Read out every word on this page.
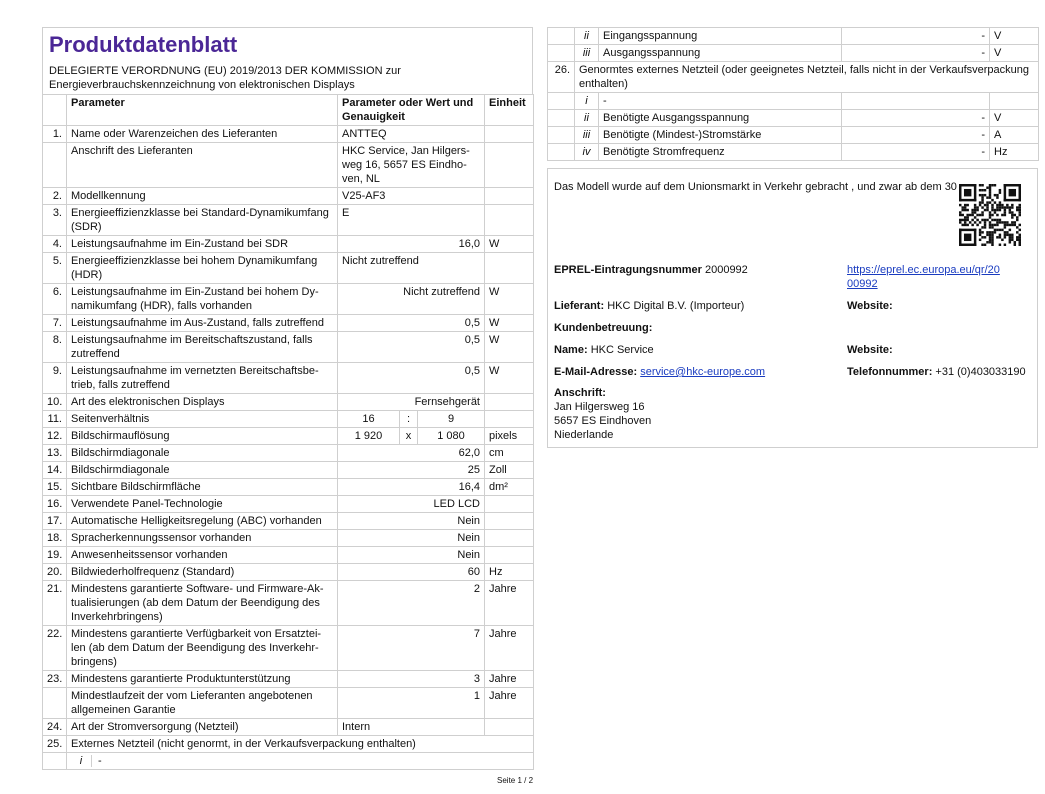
Produktdatenblatt
DELEGIERTE VERORDNUNG (EU) 2019/2013 DER KOMMISSION zur Energieverbrauchskennzeichnung von elektronischen Displays
	Parameter	Parameter oder Wert und Genauigkeit			Einheit
1.	Name oder Warenzeichen des Lieferanten	ANTTEQ			
	Anschrift des Lieferanten	HKC Service, Jan Hilgers-weg 16, 5657 ES Eindho-ven, NL			
2.	Modellkennung	V25-AF3			
3.	Energieeffizienzklasse bei Standard-Dynamikumfang (SDR)	E			
4.	Leistungsaufnahme im Ein-Zustand bei SDR	16,0			W
5.	Energieeffizienzklasse bei hohem Dynamikumfang (HDR)	Nicht zutreffend			
6.	Leistungsaufnahme im Ein-Zustand bei hohem Dy-namikumfang (HDR), falls vorhanden	Nicht zutreffend			W
7.	Leistungsaufnahme im Aus-Zustand, falls zutreffend	0,5			W
8.	Leistungsaufnahme im Bereitschaftszustand, falls zutreffend	0,5			W
9.	Leistungsaufnahme im vernetzten Bereitschaftsbe-trieb, falls zutreffend	0,5			W
10.	Art des elektronischen Displays	Fernsehgerät			
11.	Seitenverhältnis	16	:	9	
12.	Bildschirmauflösung	1 920	x	1 080	pixels
13.	Bildschirmdiagonale	62,0			cm
14.	Bildschirmdiagonale	25			Zoll
15.	Sichtbare Bildschirmfläche	16,4			dm²
16.	Verwendete Panel-Technologie	LED LCD			
17.	Automatische Helligkeitsregelung (ABC) vorhanden	Nein			
18.	Spracherkennungssensor vorhanden	Nein			
19.	Anwesenheitssensor vorhanden	Nein			
20.	Bildwiederholfrequenz (Standard)	60			Hz
21.	Mindestens garantierte Software- und Firmware-Ak-tualisierungen (ab dem Datum der Beendigung des Inverkehrbringens)	2			Jahre
22.	Mindestens garantierte Verfügbarkeit von Ersatztei-len (ab dem Datum der Beendigung des Inverkehr-bringens)	7			Jahre
23.	Mindestens garantierte Produktunterstützung	3			Jahre
	Mindestlaufzeit der vom Lieferanten angebotenen allgemeinen Garantie	1			Jahre
24.	Art der Stromversorgung (Netzteil)	Intern			
25.	Externes Netzteil (nicht genormt, in der Verkaufsverpackung enthalten)				
	i -				
Seite 1 / 2
	ii	Eingangsspannung	-	V
	iii	Ausgangsspannung	-	V
26.	Genormtes externes Netzteil (oder geeignetes Netzteil, falls nicht in der Verkaufsverpackung enthalten)			
	i	-		
	ii	Benötigte Ausgangsspannung	-	V
	iii	Benötigte (Mindest-)Stromstärke	-	A
	iv	Benötigte Stromfrequenz	-	Hz
Das Modell wurde auf dem Unionsmarkt in Verkehr gebracht , und zwar ab dem 30
EPREL-Eintragungsnummer 2000992	https://eprel.ec.europa.eu/qr/20
00992
Lieferant: HKC Digital B.V. (Importeur)	Website:
Kundenbetreuung:
Name: HKC Service	Website:
E-Mail-Adresse: service@hkc-europe.com	Telefonnummer: +31 (0)403033190
Anschrift:
Jan Hilgersweg 16
5657 ES Eindhoven
Niederlande
